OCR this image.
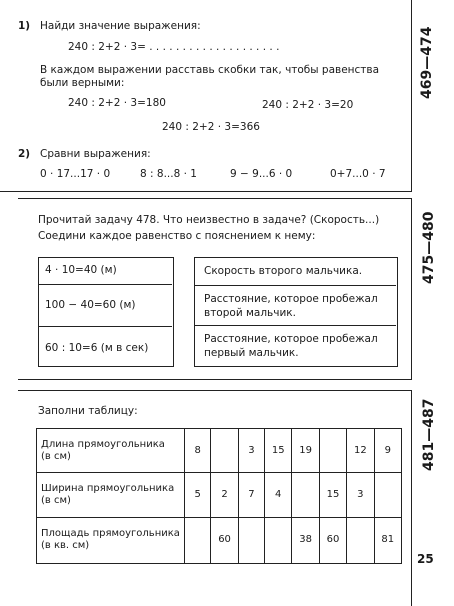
1) Найди значение выражения:
240 : 2+2 · 3= . . . . . . . . . . . . . . . . . . . .
В каждом выражении расставь скобки так, чтобы равенства
были верными:
240 : 2+2 · 3=180	240 : 2+2 · 3=20
240 : 2+2 · 3=366
2) Сравни выражения:
0 · 17...17 · 0	8 : 8...8 · 1	9 − 9...6 · 0	0+7...0 · 7
469—474
Прочитай задачу 478. Что неизвестно в задаче? (Скорость...)
Соедини каждое равенство с пояснением к нему:
4 · 10=40 (м)
100 − 40=60 (м)
60 : 10=6 (м в сек)
Скорость второго мальчика.
Расстояние, которое пробежал
второй мальчик.
Расстояние, которое пробежал
первый мальчик.
475—480
Заполни таблицу:
Длина прямоугольника
(в см)	8		3	15	19		12	9

Ширина прямоугольника
(в см)	5	2	7	4		15	3	

Площадь прямоугольника
(в кв. см)		60			38	60		81
481—487
25
